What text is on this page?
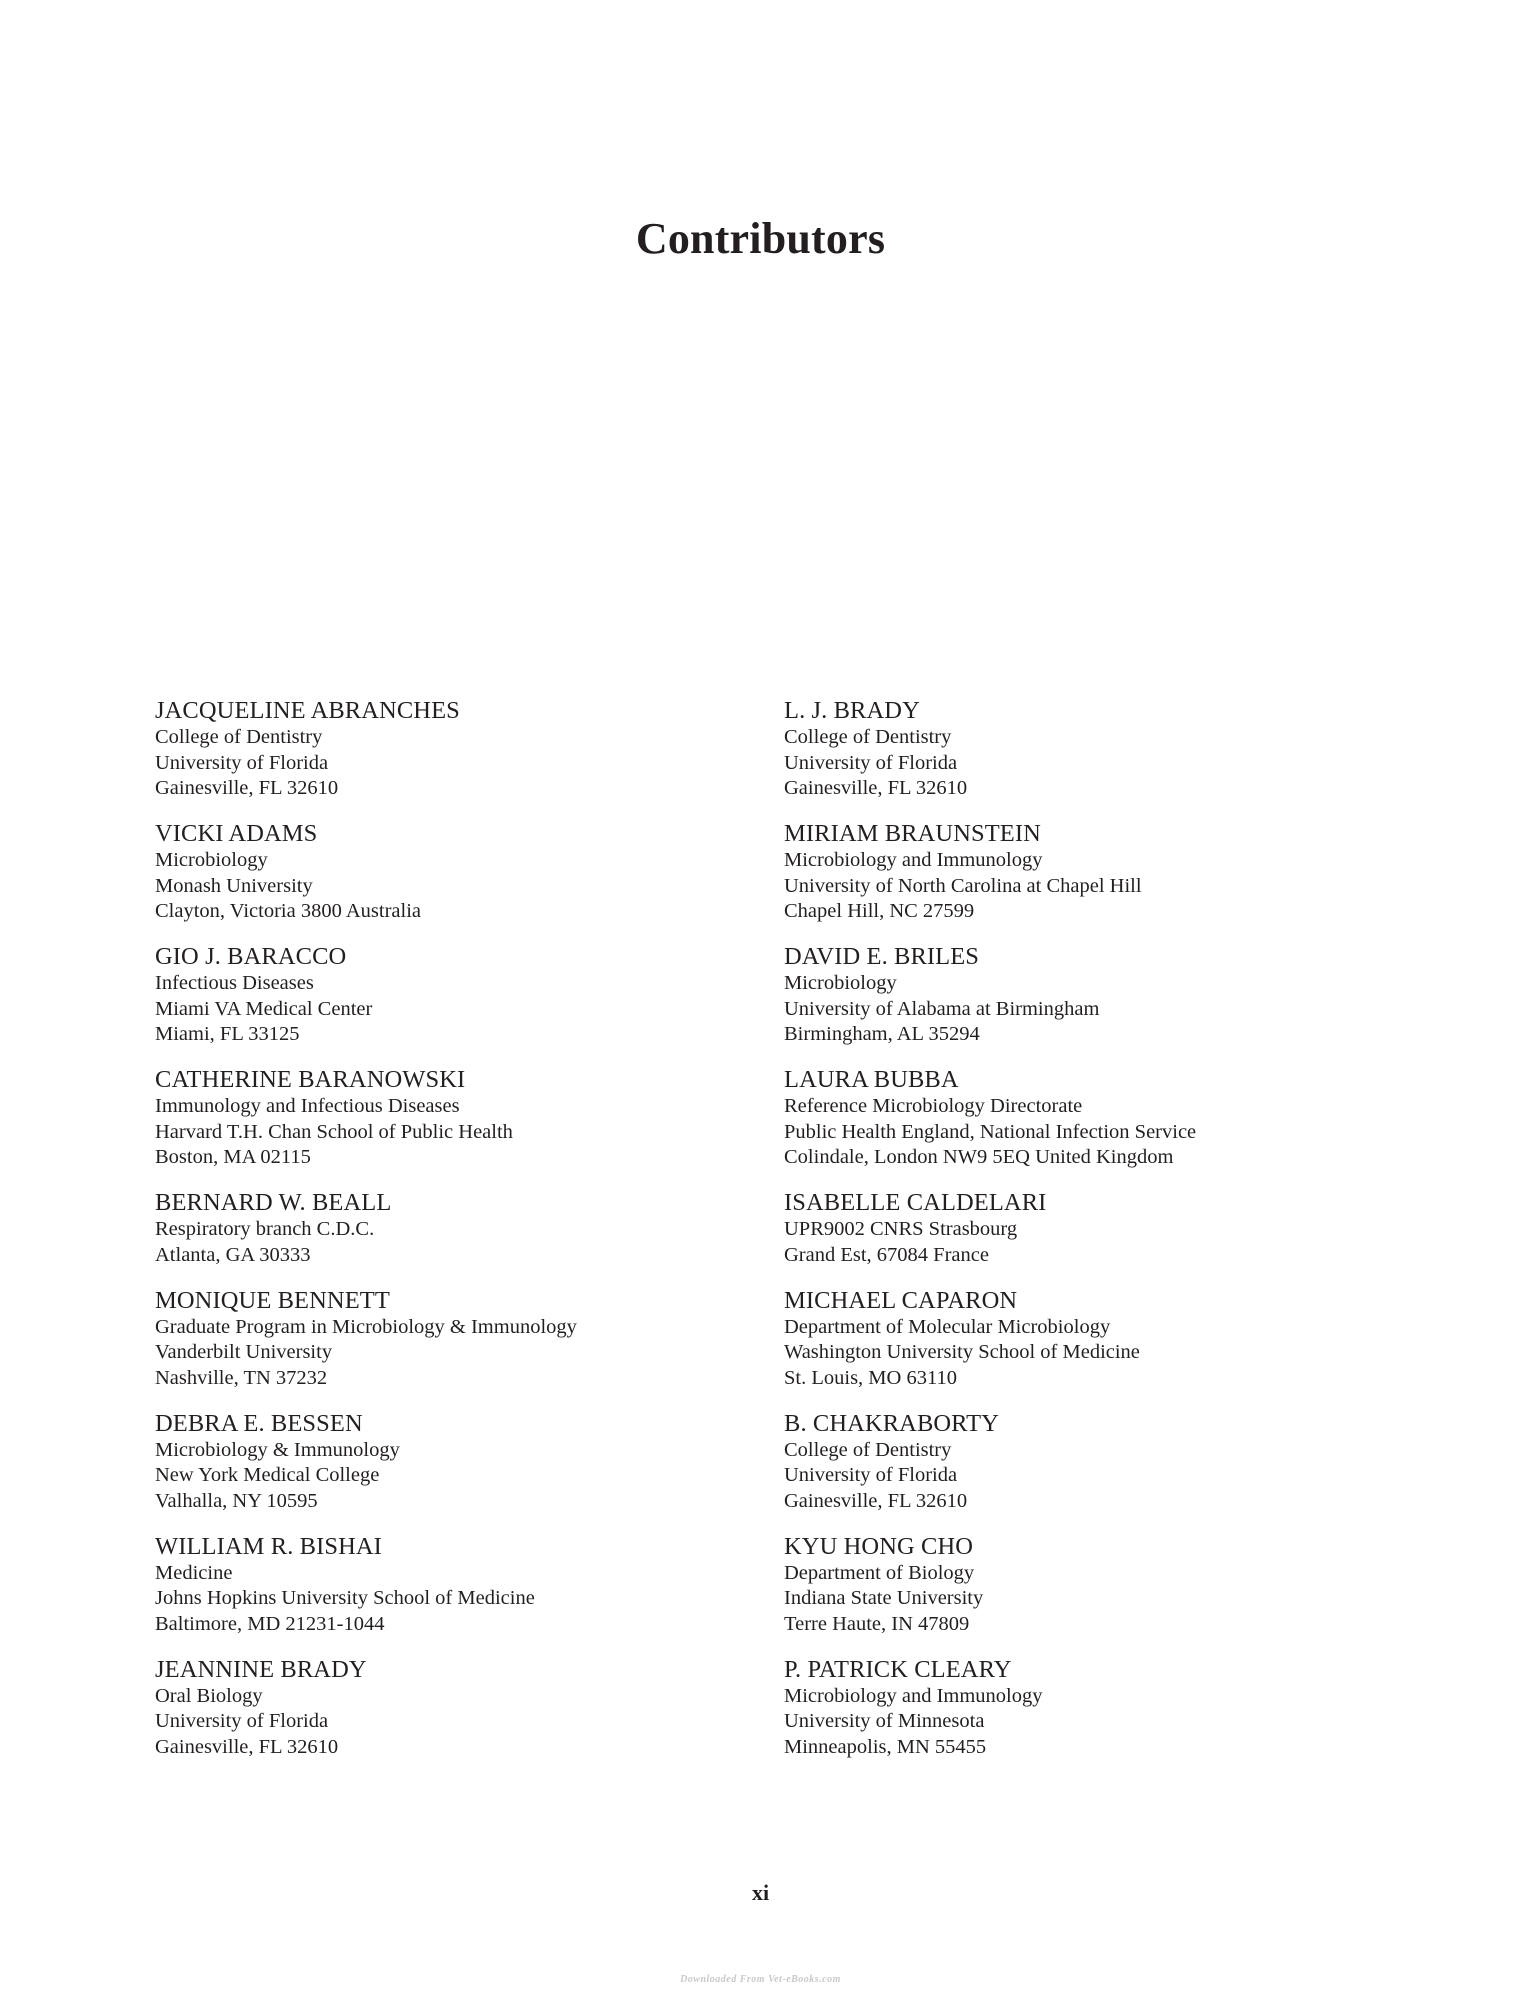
Contributors
JACQUELINE ABRANCHES
College of Dentistry
University of Florida
Gainesville, FL 32610
VICKI ADAMS
Microbiology
Monash University
Clayton, Victoria 3800 Australia
GIO J. BARACCO
Infectious Diseases
Miami VA Medical Center
Miami, FL 33125
CATHERINE BARANOWSKI
Immunology and Infectious Diseases
Harvard T.H. Chan School of Public Health
Boston, MA 02115
BERNARD W. BEALL
Respiratory branch C.D.C.
Atlanta, GA 30333
MONIQUE BENNETT
Graduate Program in Microbiology & Immunology
Vanderbilt University
Nashville, TN 37232
DEBRA E. BESSEN
Microbiology & Immunology
New York Medical College
Valhalla, NY 10595
WILLIAM R. BISHAI
Medicine
Johns Hopkins University School of Medicine
Baltimore, MD 21231-1044
JEANNINE BRADY
Oral Biology
University of Florida
Gainesville, FL 32610
L. J. BRADY
College of Dentistry
University of Florida
Gainesville, FL 32610
MIRIAM BRAUNSTEIN
Microbiology and Immunology
University of North Carolina at Chapel Hill
Chapel Hill, NC 27599
DAVID E. BRILES
Microbiology
University of Alabama at Birmingham
Birmingham, AL 35294
LAURA BUBBA
Reference Microbiology Directorate
Public Health England, National Infection Service
Colindale, London NW9 5EQ United Kingdom
ISABELLE CALDELARI
UPR9002 CNRS Strasbourg
Grand Est, 67084 France
MICHAEL CAPARON
Department of Molecular Microbiology
Washington University School of Medicine
St. Louis, MO 63110
B. CHAKRABORTY
College of Dentistry
University of Florida
Gainesville, FL 32610
KYU HONG CHO
Department of Biology
Indiana State University
Terre Haute, IN 47809
P. PATRICK CLEARY
Microbiology and Immunology
University of Minnesota
Minneapolis, MN 55455
xi
Downloaded From Vet-eBooks.com
